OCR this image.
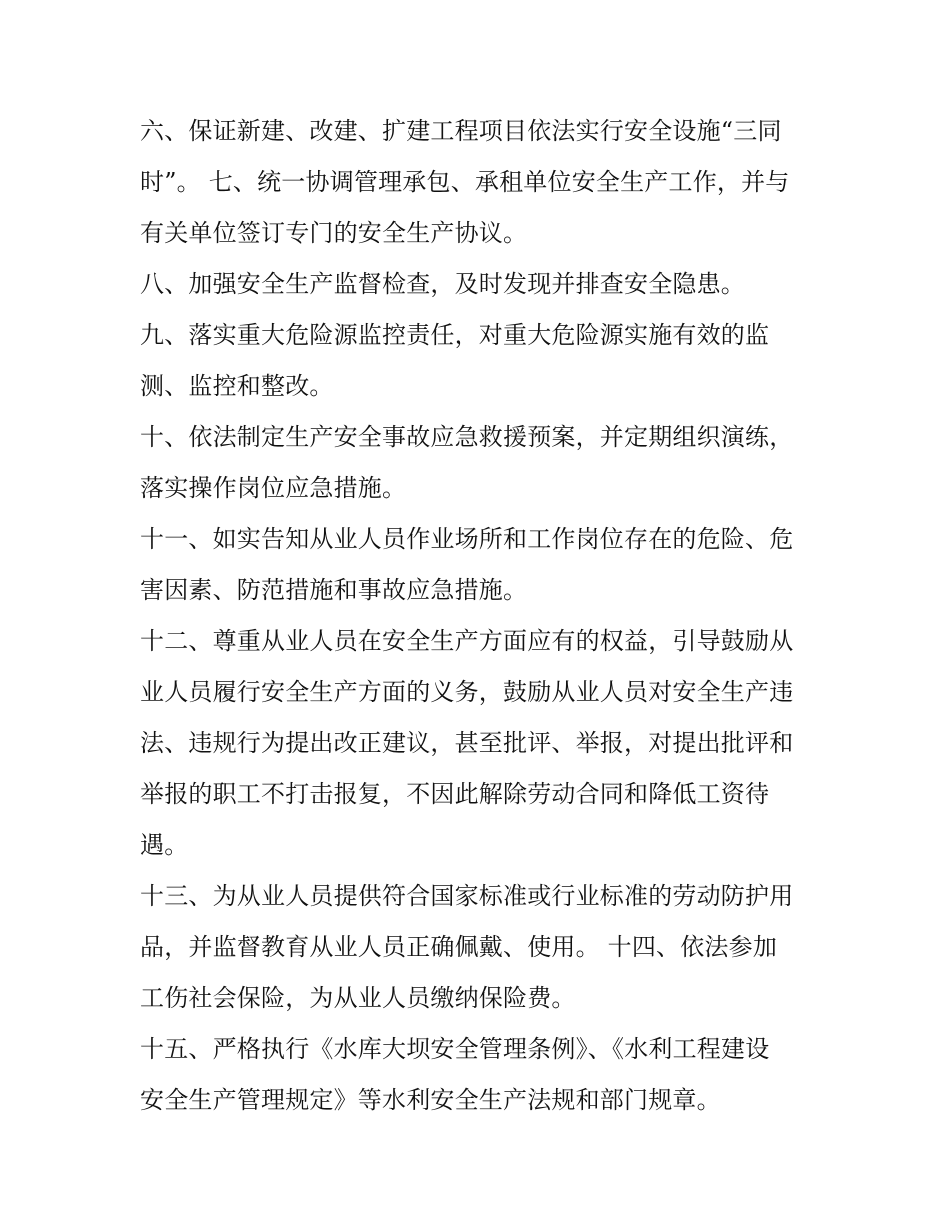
六、保证新建、改建、扩建工程项目依法实行安全设施“三同
时”。 七、统一协调管理承包、承租单位安全生产工作，并与
有关单位签订专门的安全生产协议。
八、加强安全生产监督检查，及时发现并排查安全隐患。
九、落实重大危险源监控责任，对重大危险源实施有效的监
测、监控和整改。
十、依法制定生产安全事故应急救援预案，并定期组织演练，
落实操作岗位应急措施。
十一、如实告知从业人员作业场所和工作岗位存在的危险、危
害因素、防范措施和事故应急措施。
十二、尊重从业人员在安全生产方面应有的权益，引导鼓励从
业人员履行安全生产方面的义务，鼓励从业人员对安全生产违
法、违规行为提出改正建议，甚至批评、举报，对提出批评和
举报的职工不打击报复，不因此解除劳动合同和降低工资待
遇。
十三、为从业人员提供符合国家标准或行业标准的劳动防护用
品，并监督教育从业人员正确佩戴、使用。 十四、依法参加
工伤社会保险，为从业人员缴纳保险费。
十五、严格执行《水库大坝安全管理条例》、《水利工程建设
安全生产管理规定》等水利安全生产法规和部门规章。
